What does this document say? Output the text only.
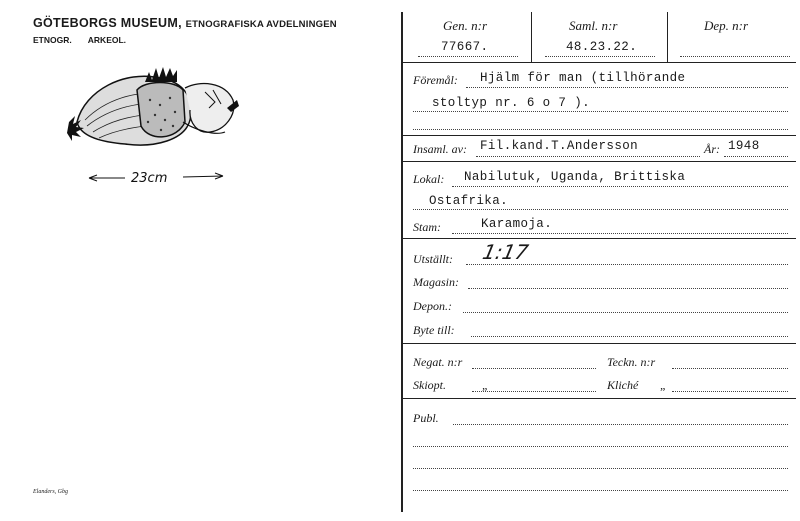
GÖTEBORGS MUSEUM, ETNOGRAFISKA AVDELNINGEN
ETNOGR. ARKEOL.
23cm
Elanders, Gbg
Gen. n:r
77667.
Saml. n:r
48.23.22.
Dep. n:r
Föremål: Hjälm för man (tillhörande
stoltyp nr. 6 o 7 ).
Insaml. av: Fil.kand.T.Andersson	År: 1948
Lokal: Nabilutuk, Uganda, Brittiska
Ostafrika.
Stam:	Karamoja.
Utställt: 1:17
Magasin:
Depon.:
Byte till:
Negat. n:r	Teckn. n:r
Skiopt.	„	Kliché „
Publ.
